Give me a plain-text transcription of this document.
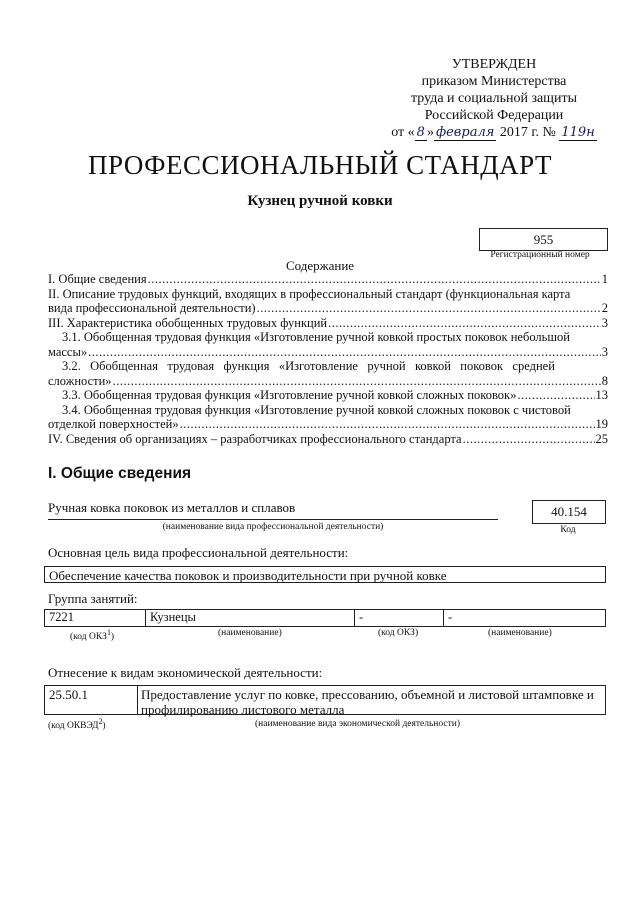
УТВЕРЖДЕН
приказом Министерства
труда и социальной защиты
Российской Федерации
от « 8 » февраля 2017 г. № 119н
ПРОФЕССИОНАЛЬНЫЙ СТАНДАРТ
Кузнец ручной ковки
955
Регистрационный номер
Содержание
I. Общие сведения .....	1
II. Описание трудовых функций, входящих в профессиональный стандарт (функциональная карта
вида профессиональной деятельности) .....	2
III. Характеристика обобщенных трудовых функций .....	3
3.1. Обобщенная трудовая функция «Изготовление ручной ковкой простых поковок небольшой
массы» .....	3
3.2.   Обобщенная   трудовая   функция   «Изготовление   ручной   ковкой   поковок   средней
сложности» .....	8
3.3. Обобщенная трудовая функция «Изготовление ручной ковкой сложных поковок» .....	13
3.4. Обобщенная трудовая функция «Изготовление ручной ковкой сложных поковок с чистовой
отделкой поверхностей» .....	19
IV. Сведения об организациях – разработчиках профессионального стандарта .....	25
I. Общие сведения
Ручная ковка поковок из металлов и сплавов
(наименование вида профессиональной деятельности)
40.154
Код
Основная цель вида профессиональной деятельности:
Обеспечение качества поковок и производительности при ручной ковке
Группа занятий:
7221	Кузнецы	-	-
(код ОКЗ$^1$)	(наименование)	(код ОКЗ)	(наименование)
Отнесение к видам экономической деятельности:
25.50.1	Предоставление услуг по ковке, прессованию, объемной и листовой штамповке и профилированию листового металла
(код ОКВЭД$^2$)	(наименование вида экономической деятельности)
